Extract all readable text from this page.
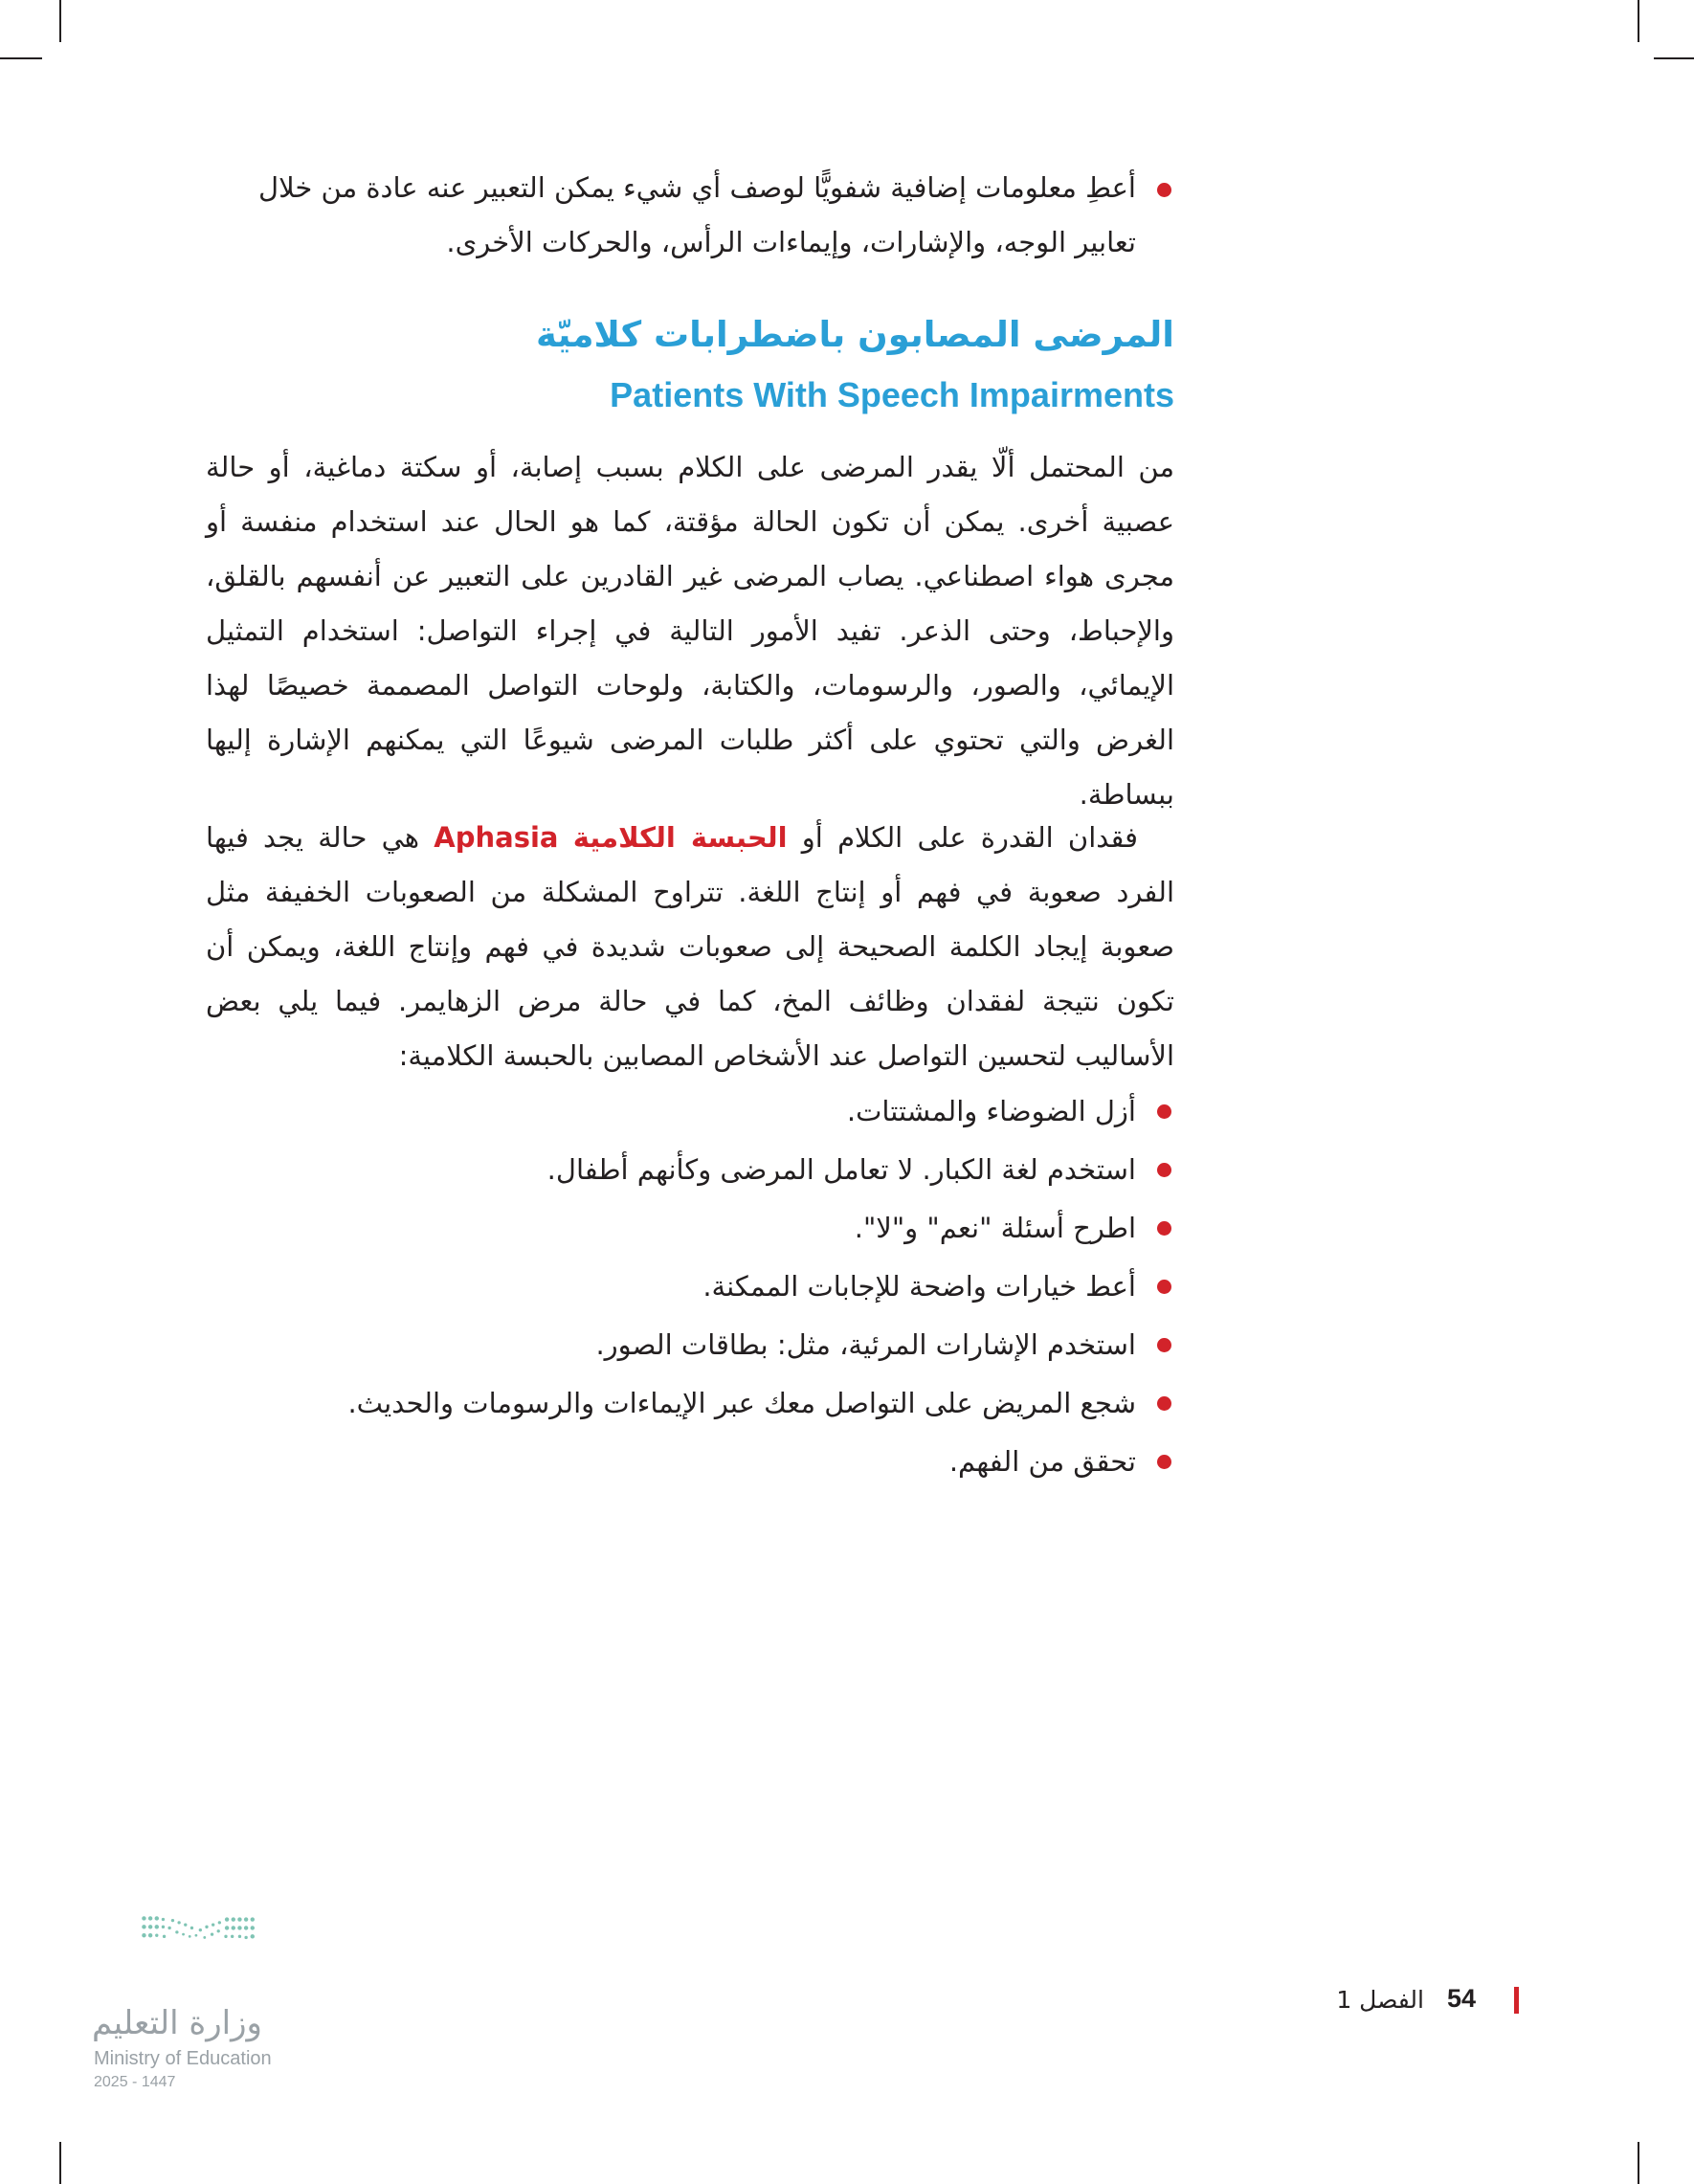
أعطِ معلومات إضافية شفويًّا لوصف أي شيء يمكن التعبير عنه عادة من خلال تعابير الوجه، والإشارات، وإيماءات الرأس، والحركات الأخرى.
المرضى المصابون باضطرابات كلاميّة
Patients With Speech Impairments

من المحتمل ألّا يقدر المرضى على الكلام بسبب إصابة، أو سكتة دماغية، أو حالة عصبية أخرى. يمكن أن تكون الحالة مؤقتة، كما هو الحال عند استخدام منفسة أو مجرى هواء اصطناعي. يصاب المرضى غير القادرين على التعبير عن أنفسهم بالقلق، والإحباط، وحتى الذعر. تفيد الأمور التالية في إجراء التواصل: استخدام التمثيل الإيمائي، والصور، والرسومات، والكتابة، ولوحات التواصل المصممة خصيصًا لهذا الغرض والتي تحتوي على أكثر طلبات المرضى شيوعًا التي يمكنهم الإشارة إليها ببساطة.

فقدان القدرة على الكلام أو الحبسة الكلامية Aphasia هي حالة يجد فيها الفرد صعوبة في فهم أو إنتاج اللغة. تتراوح المشكلة من الصعوبات الخفيفة مثل صعوبة إيجاد الكلمة الصحيحة إلى صعوبات شديدة في فهم وإنتاج اللغة، ويمكن أن تكون نتيجة لفقدان وظائف المخ، كما في حالة مرض الزهايمر. فيما يلي بعض الأساليب لتحسين التواصل عند الأشخاص المصابين بالحبسة الكلامية:

أزل الضوضاء والمشتتات.
استخدم لغة الكبار. لا تعامل المرضى وكأنهم أطفال.
اطرح أسئلة "نعم" و"لا".
أعط خيارات واضحة للإجابات الممكنة.
استخدم الإشارات المرئية، مثل: بطاقات الصور.
شجع المريض على التواصل معك عبر الإيماءات والرسومات والحديث.
تحقق من الفهم.
54
الفصل 1
وزارة التعليم
Ministry of Education
2025 - 1447
